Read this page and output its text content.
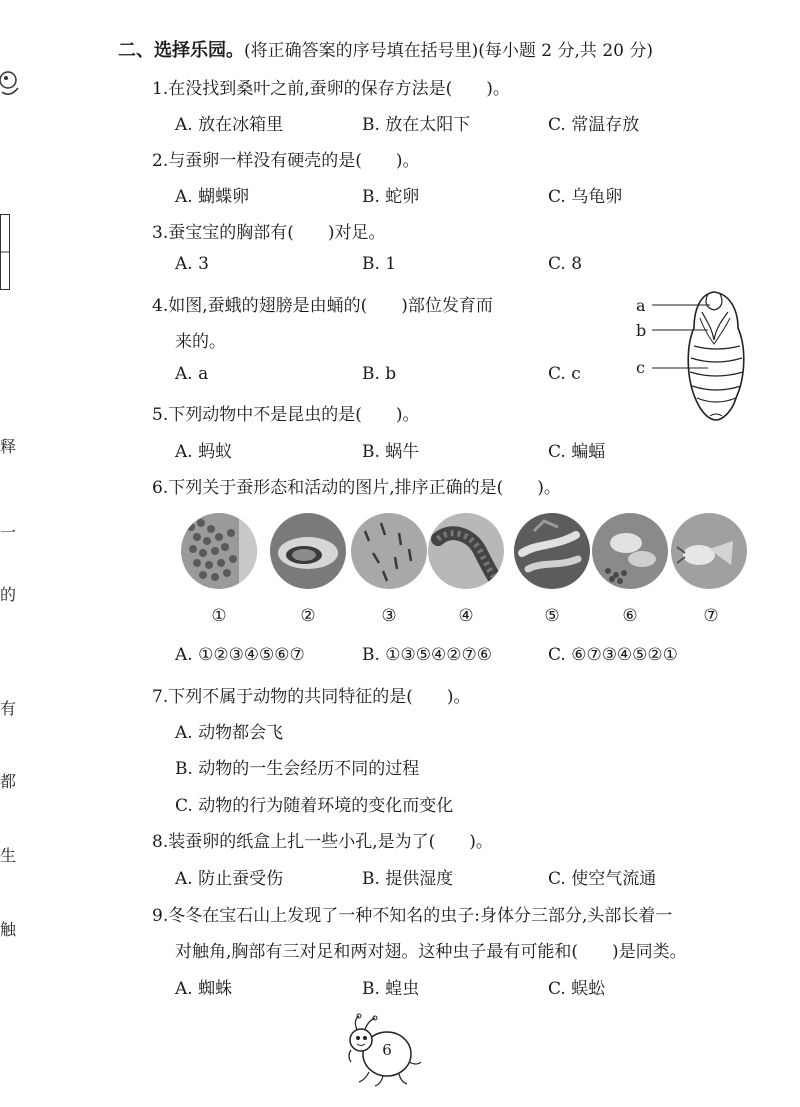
释
一
的
有
都
生
触
二、选择乐园。(将正确答案的序号填在括号里)(每小题 2 分,共 20 分)
1.在没找到桑叶之前,蚕卵的保存方法是(　　)。
A. 放在冰箱里	B. 放在太阳下	C. 常温存放
2.与蚕卵一样没有硬壳的是(　　)。
A. 蝴蝶卵	B. 蛇卵	C. 乌龟卵
3.蚕宝宝的胸部有(　　)对足。
A. 3	B. 1	C. 8
4.如图,蚕蛾的翅膀是由蛹的(　　)部位发育而
来的。
A. a	B. b	C. c
a
b
c
5.下列动物中不是昆虫的是(　　)。
A. 蚂蚁	B. 蜗牛	C. 蝙蝠
6.下列关于蚕形态和活动的图片,排序正确的是(　　)。
①	②	③	④	⑤	⑥	⑦
A. ①②③④⑤⑥⑦	B. ①③⑤④②⑦⑥	C. ⑥⑦③④⑤②①
7.下列不属于动物的共同特征的是(　　)。
A. 动物都会飞
B. 动物的一生会经历不同的过程
C. 动物的行为随着环境的变化而变化
8.装蚕卵的纸盒上扎一些小孔,是为了(　　)。
A. 防止蚕受伤	B. 提供湿度	C. 使空气流通
9.冬冬在宝石山上发现了一种不知名的虫子:身体分三部分,头部长着一
对触角,胸部有三对足和两对翅。这种虫子最有可能和(　　)是同类。
A. 蜘蛛	B. 蝗虫	C. 蜈蚣
6
